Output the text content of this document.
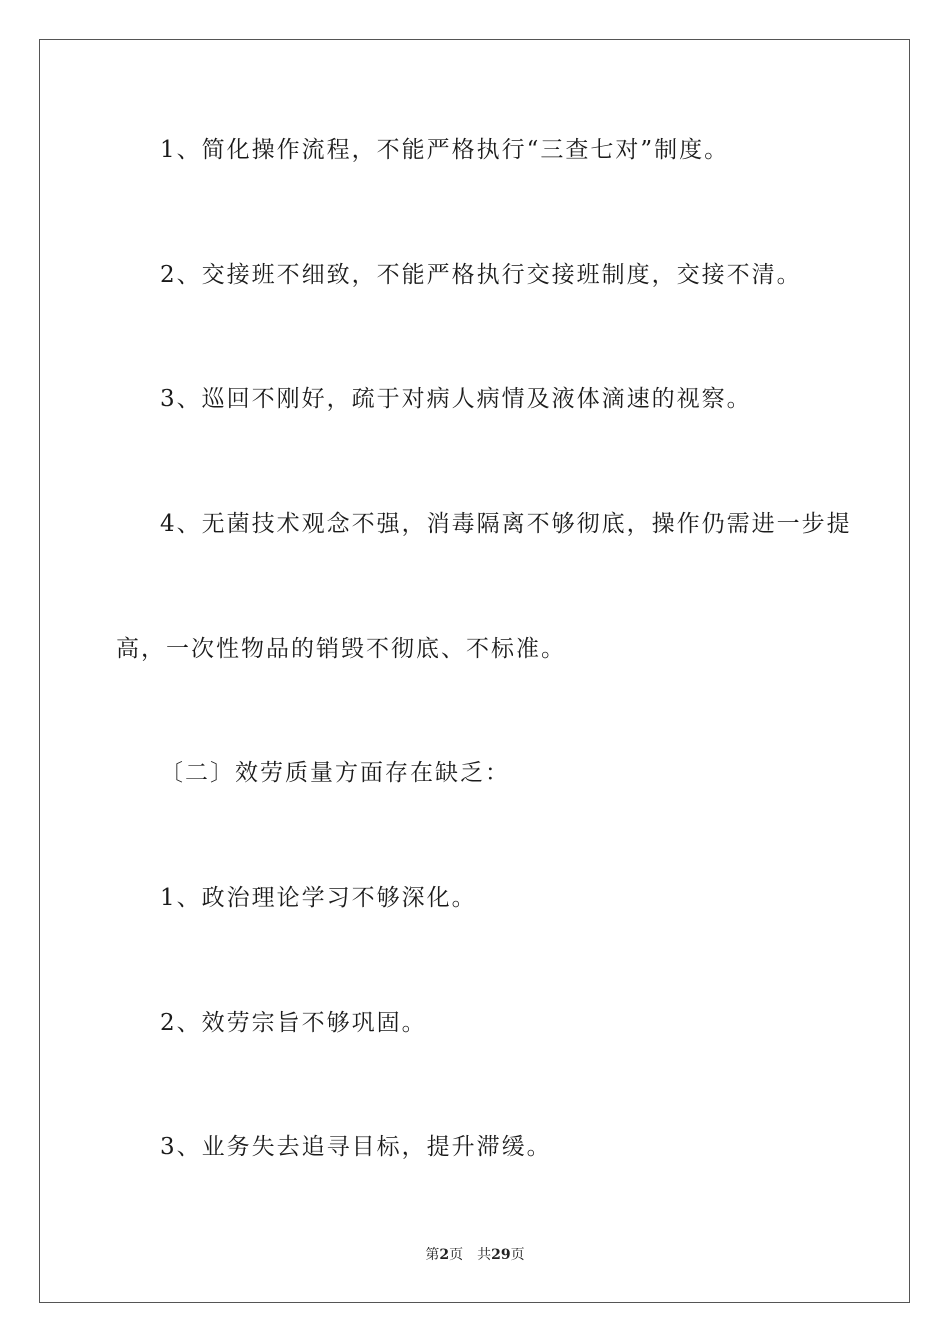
1、简化操作流程，不能严格执行“三查七对”制度。

2、交接班不细致，不能严格执行交接班制度，交接不清。

3、巡回不刚好，疏于对病人病情及液体滴速的视察。

4、无菌技术观念不强，消毒隔离不够彻底，操作仍需进一步提

高，一次性物品的销毁不彻底、不标准。

〔二〕效劳质量方面存在缺乏：

1、政治理论学习不够深化。

2、效劳宗旨不够巩固。

3、业务失去追寻目标，提升滞缓。

第2页 共29页
